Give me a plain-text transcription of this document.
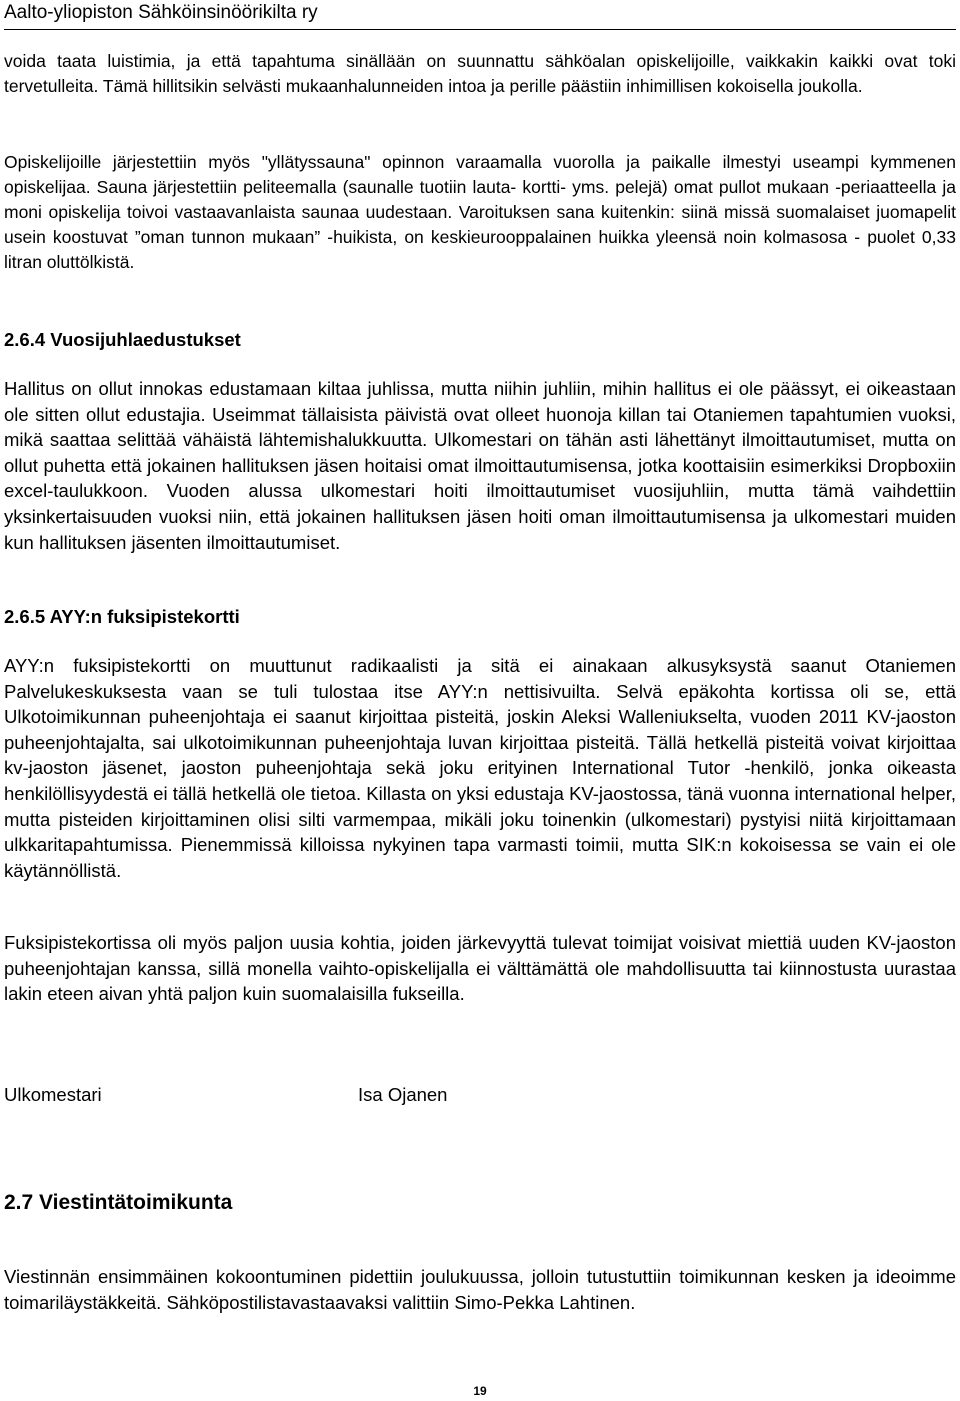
Aalto-yliopiston Sähköinsinöörikilta ry

voida taata luistimia, ja että tapahtuma sinällään on suunnattu sähköalan opiskelijoille, vaikkakin kaikki ovat toki tervetulleita. Tämä hillitsikin selvästi mukaanhalunneiden intoa ja perille päästiin inhimillisen kokoisella joukolla.

Opiskelijoille järjestettiin myös "yllätyssauna" opinnon varaamalla vuorolla ja paikalle ilmestyi useampi kymmenen opiskelijaa. Sauna järjestettiin peliteemalla (saunalle tuotiin lauta- kortti- yms. pelejä) omat pullot mukaan -periaatteella ja moni opiskelija toivoi vastaavanlaista saunaa uudestaan. Varoituksen sana kuitenkin: siinä missä suomalaiset juomapelit usein koostuvat ”oman tunnon mukaan” -huikista, on keskieurooppalainen huikka yleensä noin kolmasosa - puolet 0,33 litran oluttölkistä.

2.6.4 Vuosijuhlaedustukset

Hallitus on ollut innokas edustamaan kiltaa juhlissa, mutta niihin juhliin, mihin hallitus ei ole päässyt, ei oikeastaan ole sitten ollut edustajia. Useimmat tällaisista päivistä ovat olleet huonoja killan tai Otaniemen tapahtumien vuoksi, mikä saattaa selittää vähäistä lähtemishalukkuutta. Ulkomestari on tähän asti lähettänyt ilmoittautumiset, mutta on ollut puhetta että jokainen hallituksen jäsen hoitaisi omat ilmoittautumisensa, jotka koottaisiin esimerkiksi Dropboxiin excel-taulukkoon. Vuoden alussa ulkomestari hoiti ilmoittautumiset vuosijuhliin, mutta tämä vaihdettiin yksinkertaisuuden vuoksi niin, että jokainen hallituksen jäsen hoiti oman ilmoittautumisensa ja ulkomestari muiden kun hallituksen jäsenten ilmoittautumiset.

2.6.5 AYY:n fuksipistekortti

AYY:n fuksipistekortti on muuttunut radikaalisti ja sitä ei ainakaan alkusyksystä saanut Otaniemen Palvelukeskuksesta vaan se tuli tulostaa itse AYY:n nettisivuilta. Selvä epäkohta kortissa oli se, että Ulkotoimikunnan puheenjohtaja ei saanut kirjoittaa pisteitä, joskin Aleksi Walleniukselta, vuoden 2011 KV-jaoston puheenjohtajalta, sai ulkotoimikunnan puheenjohtaja luvan kirjoittaa pisteitä. Tällä hetkellä pisteitä voivat kirjoittaa kv-jaoston jäsenet, jaoston puheenjohtaja sekä joku erityinen International Tutor -henkilö, jonka oikeasta henkilöllisyydestä ei tällä hetkellä ole tietoa. Killasta on yksi edustaja KV-jaostossa, tänä vuonna international helper, mutta pisteiden kirjoittaminen olisi silti varmempaa, mikäli joku toinenkin (ulkomestari) pystyisi niitä kirjoittamaan ulkkaritapahtumissa. Pienemmissä killoissa nykyinen tapa varmasti toimii, mutta SIK:n kokoisessa se vain ei ole käytännöllistä.

Fuksipistekortissa oli myös paljon uusia kohtia, joiden järkevyyttä tulevat toimijat voisivat miettiä uuden KV-jaoston puheenjohtajan kanssa, sillä monella vaihto-opiskelijalla ei välttämättä ole mahdollisuutta tai kiinnostusta uurastaa lakin eteen aivan yhtä paljon kuin suomalaisilla fukseilla.

Ulkomestari	Isa Ojanen
2.7 Viestintätoimikunta

Viestinnän ensimmäinen kokoontuminen pidettiin joulukuussa, jolloin tutustuttiin toimikunnan kesken ja ideoimme toimariläystäkkeitä. Sähköpostilistavastaavaksi valittiin Simo-Pekka Lahtinen.

19
